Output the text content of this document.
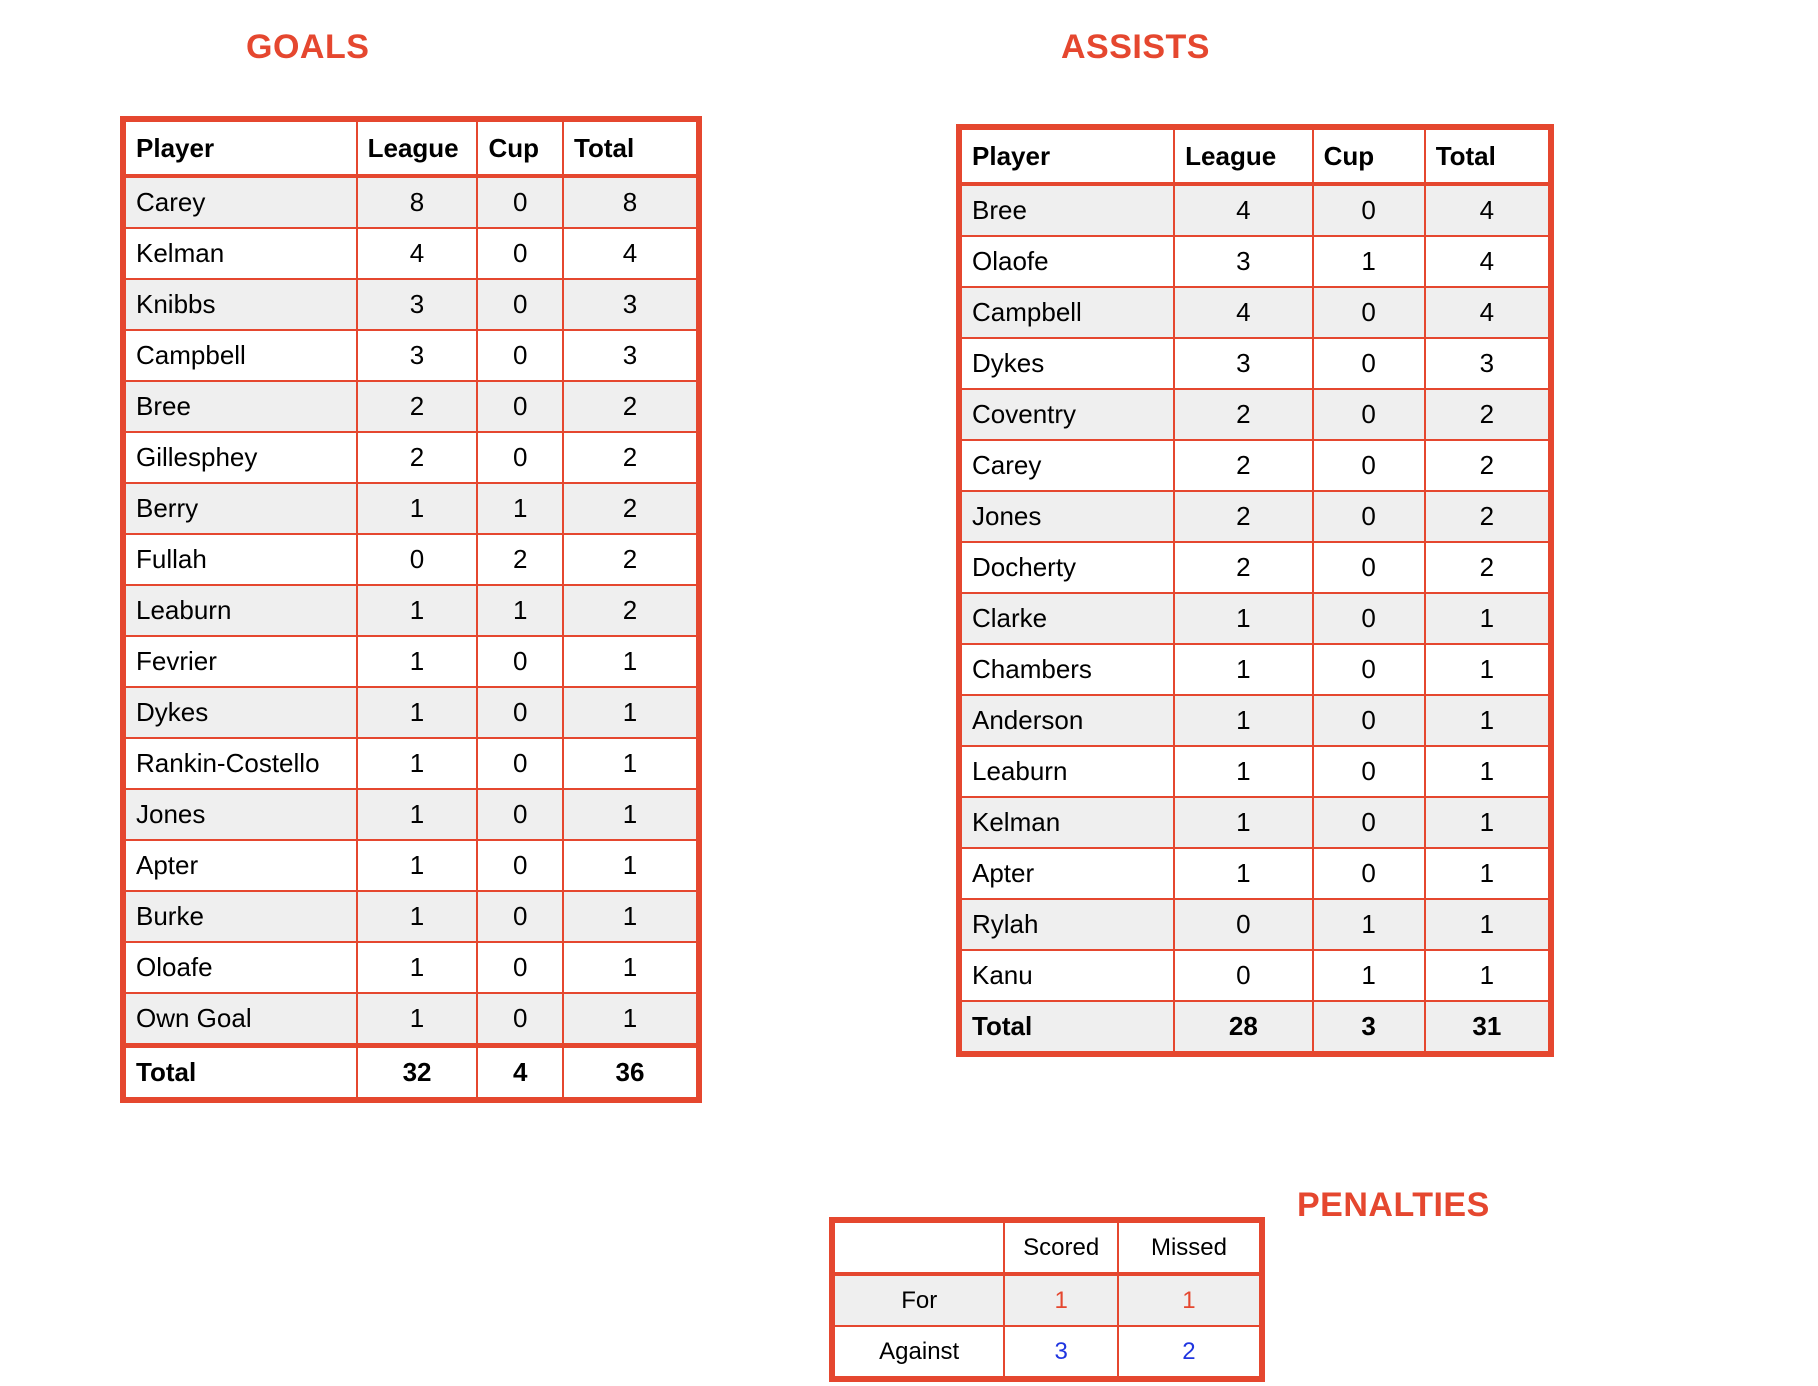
GOALS	ASSISTS
PENALTIES
Player	League	Cup	Total
Carey	8	0	8
Kelman	4	0	4
Knibbs	3	0	3
Campbell	3	0	3
Bree	2	0	2
Gillesphey	2	0	2
Berry	1	1	2
Fullah	0	2	2
Leaburn	1	1	2
Fevrier	1	0	1
Dykes	1	0	1
Rankin-Costello	1	0	1
Jones	1	0	1
Apter	1	0	1
Burke	1	0	1
Oloafe	1	0	1
Own Goal	1	0	1
Total	32	4	36
Player	League	Cup	Total
Bree	4	0	4
Olaofe	3	1	4
Campbell	4	0	4
Dykes	3	0	3
Coventry	2	0	2
Carey	2	0	2
Jones	2	0	2
Docherty	2	0	2
Clarke	1	0	1
Chambers	1	0	1
Anderson	1	0	1
Leaburn	1	0	1
Kelman	1	0	1
Apter	1	0	1
Rylah	0	1	1
Kanu	0	1	1
Total	28	3	31
	Scored	Missed
For	1	1
Against	3	2
